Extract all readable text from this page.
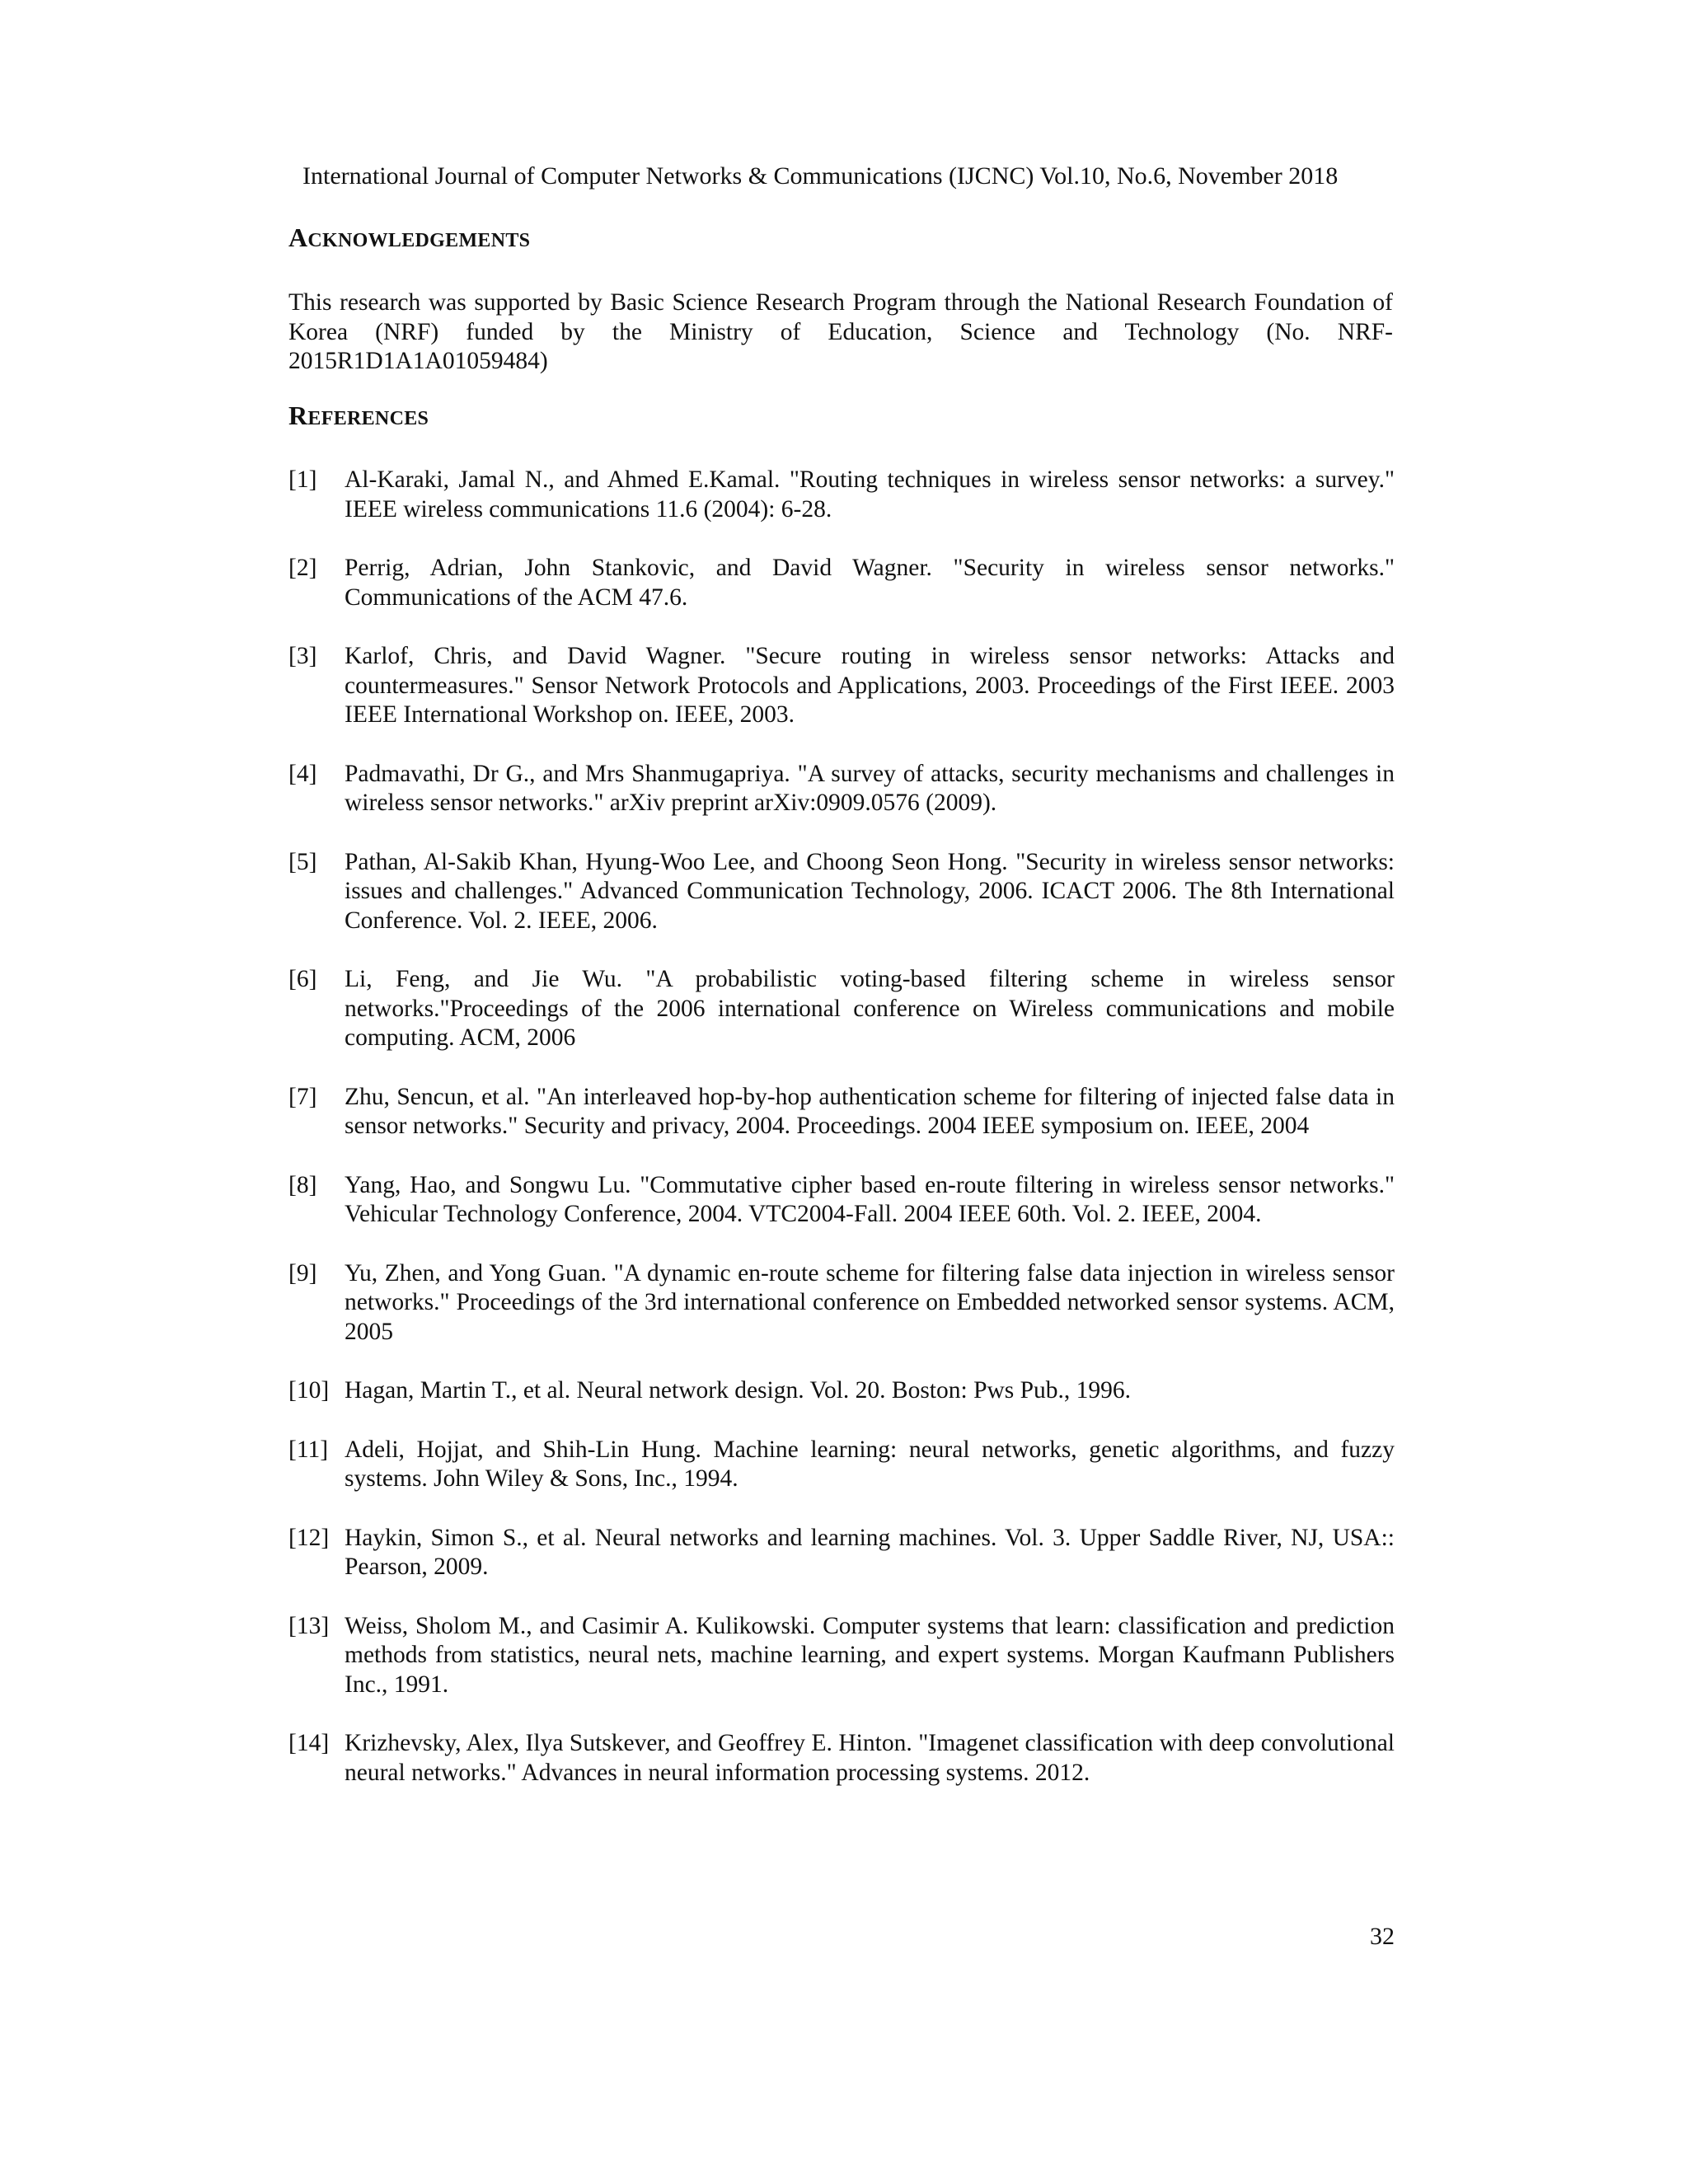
International Journal of Computer Networks & Communications (IJCNC) Vol.10, No.6, November 2018
ACKNOWLEDGEMENTS

This research was supported by Basic Science Research Program through the National Research Foundation of Korea (NRF) funded by the Ministry of Education, Science and Technology (No. NRF-2015R1D1A1A01059484)

REFERENCES
[1]	Al-Karaki, Jamal N., and Ahmed E.Kamal. "Routing techniques in wireless sensor networks: a survey." IEEE wireless communications 11.6 (2004): 6-28.
[2]	Perrig, Adrian, John Stankovic, and David Wagner. "Security in wireless sensor networks." Communications of the ACM 47.6.
[3]	Karlof, Chris, and David Wagner. "Secure routing in wireless sensor networks: Attacks and countermeasures." Sensor Network Protocols and Applications, 2003. Proceedings of the First IEEE. 2003 IEEE International Workshop on. IEEE, 2003.
[4]	Padmavathi, Dr G., and Mrs Shanmugapriya. "A survey of attacks, security mechanisms and challenges in wireless sensor networks." arXiv preprint arXiv:0909.0576 (2009).
[5]	Pathan, Al-Sakib Khan, Hyung-Woo Lee, and Choong Seon Hong. "Security in wireless sensor networks: issues and challenges." Advanced Communication Technology, 2006. ICACT 2006. The 8th International Conference. Vol. 2. IEEE, 2006.
[6]	Li, Feng, and Jie Wu. "A probabilistic voting-based filtering scheme in wireless sensor networks."Proceedings of the 2006 international conference on Wireless communications and mobile computing. ACM, 2006
[7]	Zhu, Sencun, et al. "An interleaved hop-by-hop authentication scheme for filtering of injected false data in sensor networks." Security and privacy, 2004. Proceedings. 2004 IEEE symposium on. IEEE, 2004
[8]	Yang, Hao, and Songwu Lu. "Commutative cipher based en-route filtering in wireless sensor networks." Vehicular Technology Conference, 2004. VTC2004-Fall. 2004 IEEE 60th. Vol. 2. IEEE, 2004.
[9]	Yu, Zhen, and Yong Guan. "A dynamic en-route scheme for filtering false data injection in wireless sensor networks." Proceedings of the 3rd international conference on Embedded networked sensor systems. ACM, 2005
[10] Hagan, Martin T., et al. Neural network design. Vol. 20. Boston: Pws Pub., 1996.
[11] Adeli, Hojjat, and Shih-Lin Hung. Machine learning: neural networks, genetic algorithms, and fuzzy systems. John Wiley & Sons, Inc., 1994.
[12] Haykin, Simon S., et al. Neural networks and learning machines. Vol. 3. Upper Saddle River, NJ, USA:: Pearson, 2009.
[13] Weiss, Sholom M., and Casimir A. Kulikowski. Computer systems that learn: classification and prediction methods from statistics, neural nets, machine learning, and expert systems. Morgan Kaufmann Publishers Inc., 1991.
[14] Krizhevsky, Alex, Ilya Sutskever, and Geoffrey E. Hinton. "Imagenet classification with deep convolutional neural networks." Advances in neural information processing systems. 2012.
32
